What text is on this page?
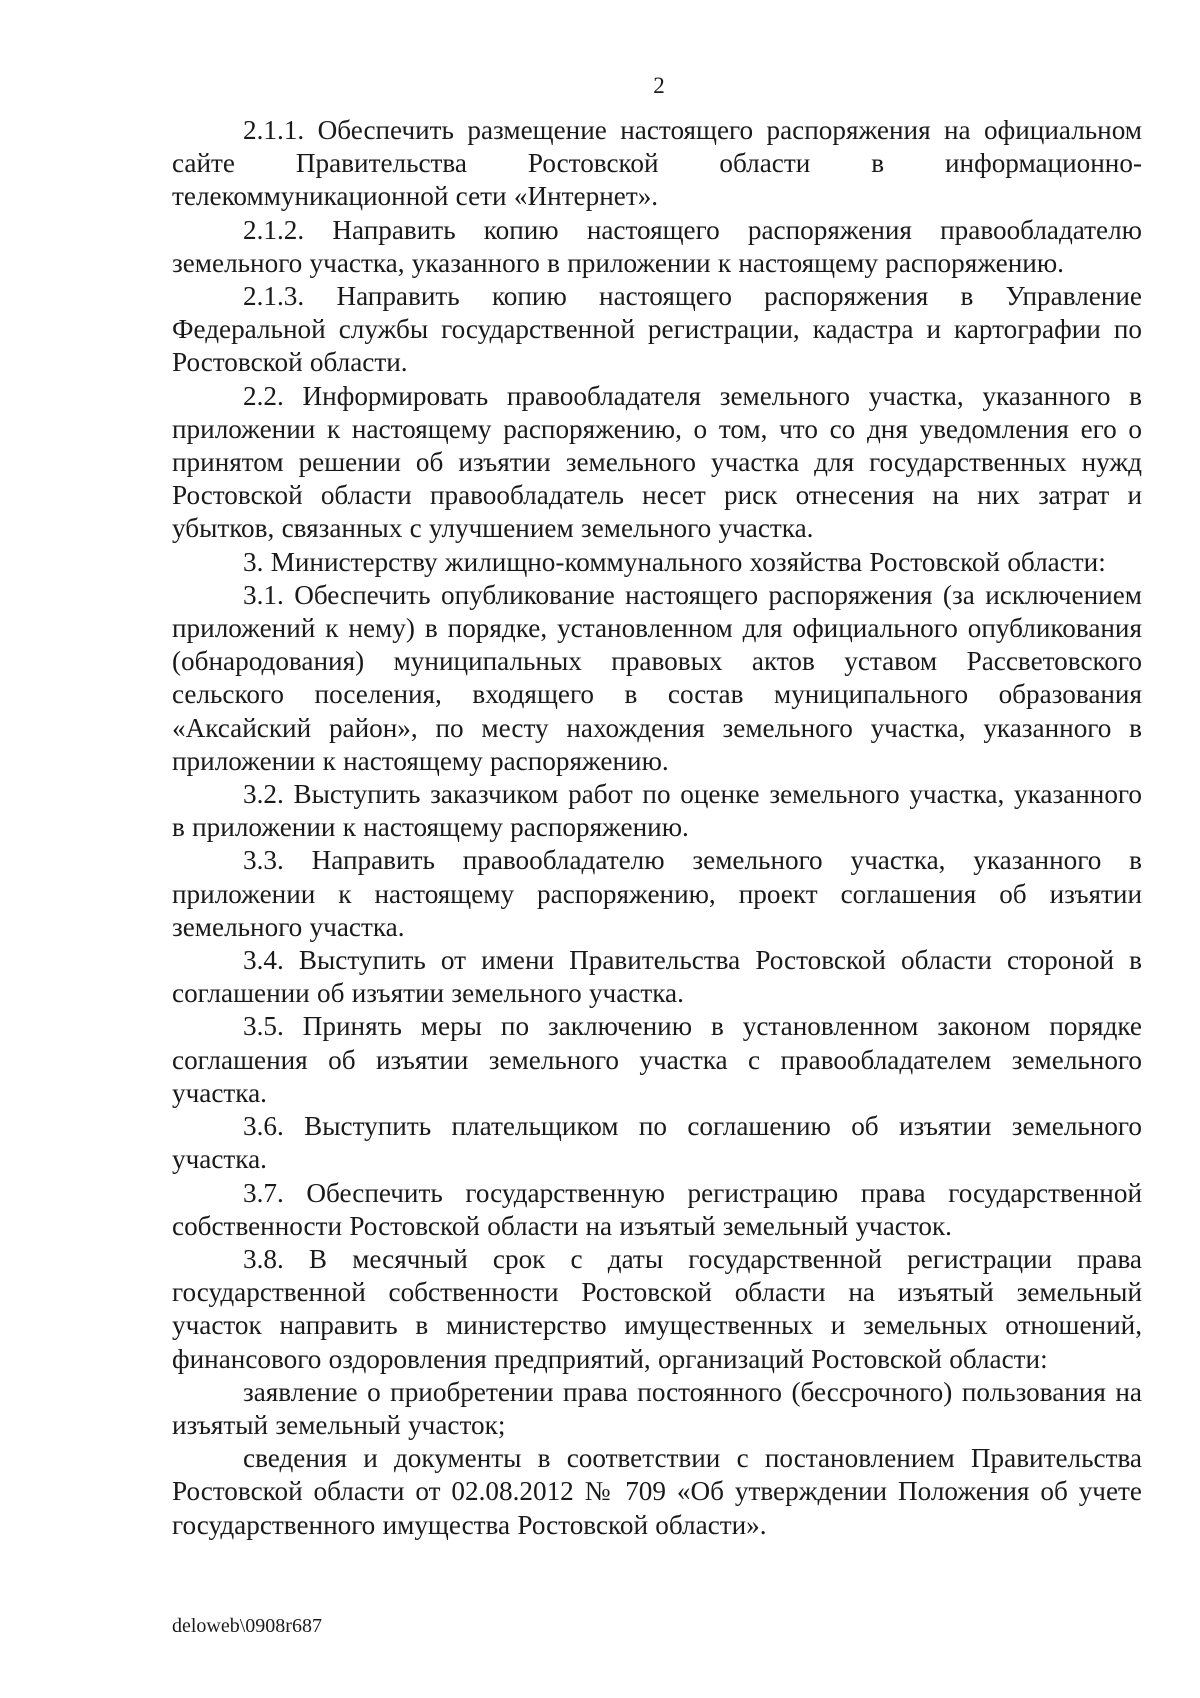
2

2.1.1. Обеспечить размещение настоящего распоряжения на официальном сайте Правительства Ростовской области в информационно-телекоммуникационной сети «Интернет».

2.1.2. Направить копию настоящего распоряжения правообладателю земельного участка, указанного в приложении к настоящему распоряжению.

2.1.3. Направить копию настоящего распоряжения в Управление Федеральной службы государственной регистрации, кадастра и картографии по Ростовской области.

2.2. Информировать правообладателя земельного участка, указанного в приложении к настоящему распоряжению, о том, что со дня уведомления его о принятом решении об изъятии земельного участка для государственных нужд Ростовской области правообладатель несет риск отнесения на них затрат и убытков, связанных с улучшением земельного участка.

3. Министерству жилищно-коммунального хозяйства Ростовской области:

3.1. Обеспечить опубликование настоящего распоряжения (за исключением приложений к нему) в порядке, установленном для официального опубликования (обнародования) муниципальных правовых актов уставом Рассветовского сельского поселения, входящего в состав муниципального образования «Аксайский район», по месту нахождения земельного участка, указанного в приложении к настоящему распоряжению.

3.2. Выступить заказчиком работ по оценке земельного участка, указанного в приложении к настоящему распоряжению.

3.3. Направить правообладателю земельного участка, указанного в приложении к настоящему распоряжению, проект соглашения об изъятии земельного участка.

3.4. Выступить от имени Правительства Ростовской области стороной в соглашении об изъятии земельного участка.

3.5. Принять меры по заключению в установленном законом порядке соглашения об изъятии земельного участка с правообладателем земельного участка.

3.6. Выступить плательщиком по соглашению об изъятии земельного участка.

3.7. Обеспечить государственную регистрацию права государственной собственности Ростовской области на изъятый земельный участок.

3.8. В месячный срок с даты государственной регистрации права государственной собственности Ростовской области на изъятый земельный участок направить в министерство имущественных и земельных отношений, финансового оздоровления предприятий, организаций Ростовской области:

заявление о приобретении права постоянного (бессрочного) пользования на изъятый земельный участок;

сведения и документы в соответствии с постановлением Правительства Ростовской области от 02.08.2012 № 709 «Об утверждении Положения об учете государственного имущества Ростовской области».

deloweb\0908r687
